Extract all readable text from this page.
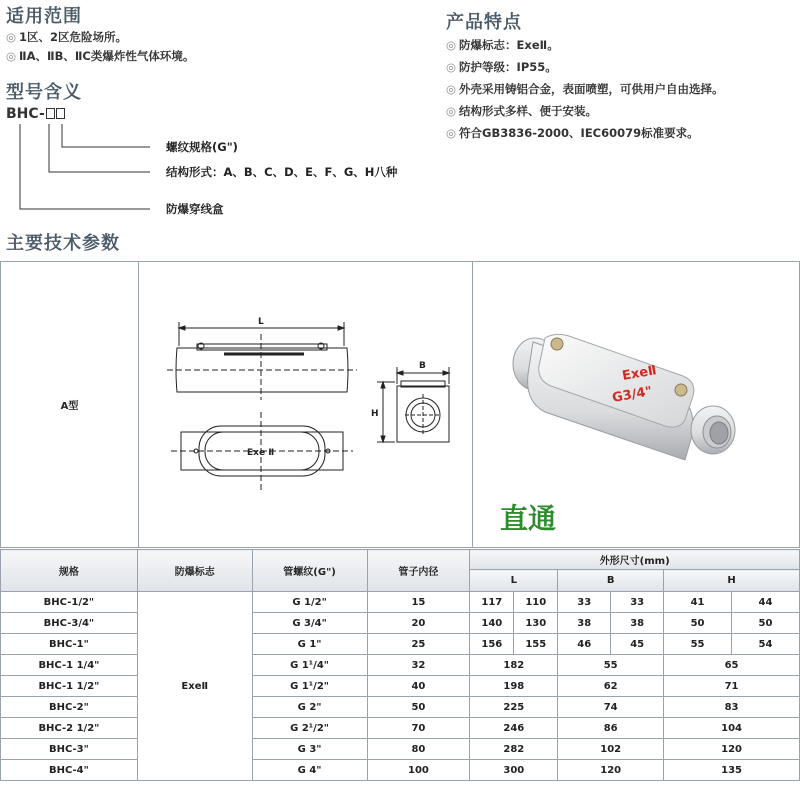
适用范围
◎ 1区、2区危险场所。
◎ ⅡA、ⅡB、ⅡC类爆炸性气体环境。
产品特点
◎ 防爆标志：ExeⅡ。
◎ 防护等级：IP55。
◎ 外壳采用铸铝合金，表面喷塑，可供用户自由选择。
◎ 结构形式多样、便于安装。
◎ 符合GB3836-2000、IEC60079标准要求。
型号含义
BHC-
螺纹规格(G")
结构形式：A、B、C、D、E、F、G、H八种
防爆穿线盒
主要技术参数
A型	
L
B
H
Exe Ⅱ

ExeⅡ
G3/4"
直通
规格	防爆标志	管螺纹(G")	管子内径	外形尺寸(mm)					
				L		B		H	
BHC-1/2"	ExeⅡ	G 1/2"	15	117	110	33	33	41	44
BHC-3/4"		G 3/4"	20	140	130	38	38	50	50
BHC-1"		G 1"	25	156	155	46	45	55	54
BHC-1 1/4"		G 1¹/4"	32	182		55		65	
BHC-1 1/2"		G 1¹/2"	40	198		62		71	
BHC-2"		G 2"	50	225		74		83	
BHC-2 1/2"		G 2¹/2"	70	246		86		104	
BHC-3"		G 3"	80	282		102		120	
BHC-4"		G 4"	100	300		120		135	
